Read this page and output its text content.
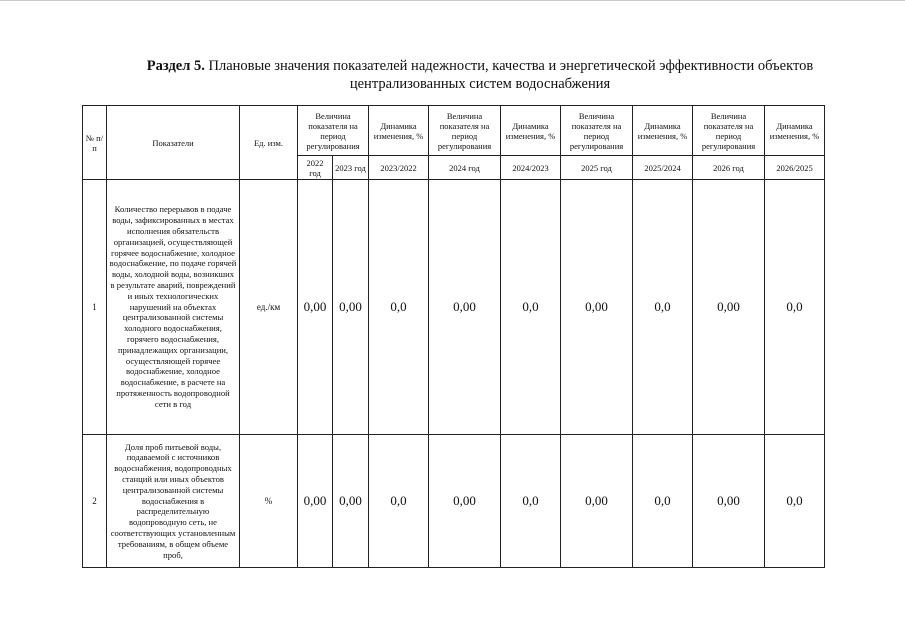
Раздел 5. Плановые значения показателей надежности, качества и энергетической эффективности объектов
централизованных систем водоснабжения
№ п/п	Показатели	Ед. изм.	Величина показателя на период регулирования		Динамика изменения, %	Величина показателя на период регулирования	Динамика изменения, %	Величина показателя на период регулирования	Динамика изменения, %	Величина показателя на период регулирования	Динамика изменения, %
			2022 год	2023 год	2023/2022	2024 год	2024/2023	2025 год	2025/2024	2026 год	2026/2025
1	Количество перерывов в подаче воды, зафиксированных в местах исполнения обязательств организацией, осуществляющей горячее водоснабжение, холодное водоснабжение, по подаче горячей воды, холодной воды, возникших в результате аварий, повреждений и иных технологических нарушений на объектах централизованной системы холодного водоснабжения, горячего водоснабжения, принадлежащих организации, осуществляющей горячее водоснабжение, холодное водоснабжение, в расчете на протяженность водопроводной сети в год	ед./км	0,00	0,00	0,0	0,00	0,0	0,00	0,0	0,00	0,0
2	Доля проб питьевой воды, подаваемой с источников водоснабжения, водопроводных станций или иных объектов централизованной системы водоснабжения в распределительную водопроводную сеть, не соответствующих установленным требованиям, в общем объеме проб,	%	0,00	0,00	0,0	0,00	0,0	0,00	0,0	0,00	0,0
